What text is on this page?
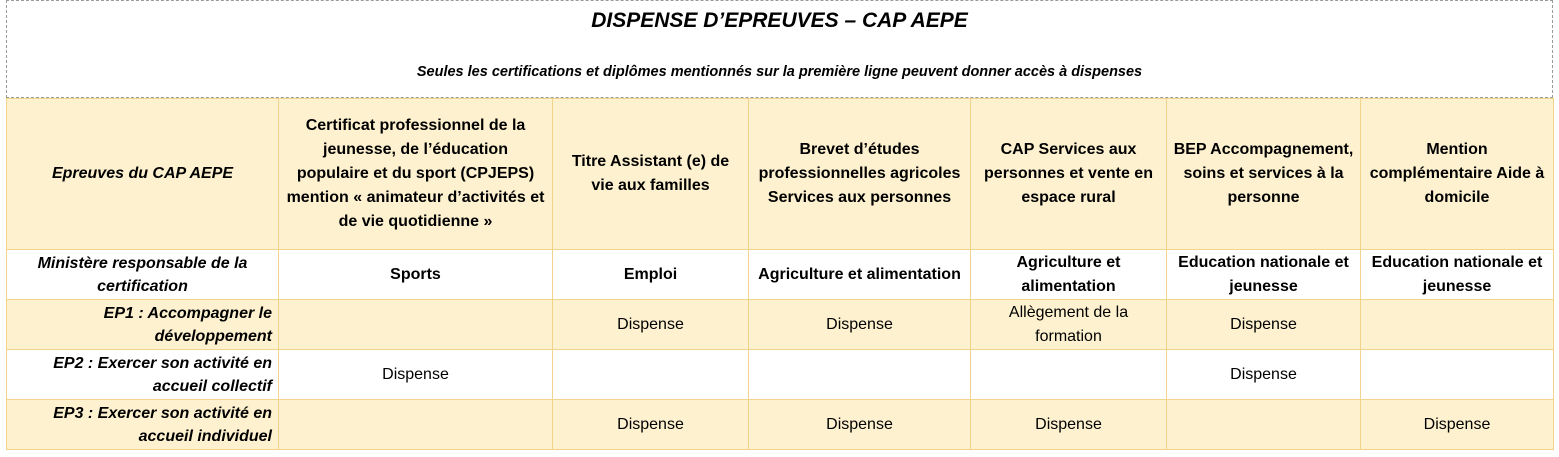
DISPENSE D’EPREUVES – CAP AEPE
Seules les certifications et diplômes mentionnés sur la première ligne peuvent donner accès à dispenses
Epreuves du CAP AEPE	Certificat professionnel de la jeunesse, de l’éducation populaire et du sport (CPJEPS) mention « animateur d’activités et de vie quotidienne »	Titre Assistant (e) de vie aux familles	Brevet d’études professionnelles agricoles Services aux personnes	CAP Services aux personnes et vente en espace rural	BEP Accompagnement, soins et services à la personne	Mention complémentaire Aide à domicile
Ministère responsable de la certification	Sports	Emploi	Agriculture et alimentation	Agriculture et alimentation	Education nationale et jeunesse	Education nationale et jeunesse
EP1 : Accompagner le développement		Dispense	Dispense	Allègement de la formation	Dispense	
EP2 : Exercer son activité en accueil collectif	Dispense				Dispense	
EP3 : Exercer son activité en accueil individuel		Dispense	Dispense	Dispense		Dispense
